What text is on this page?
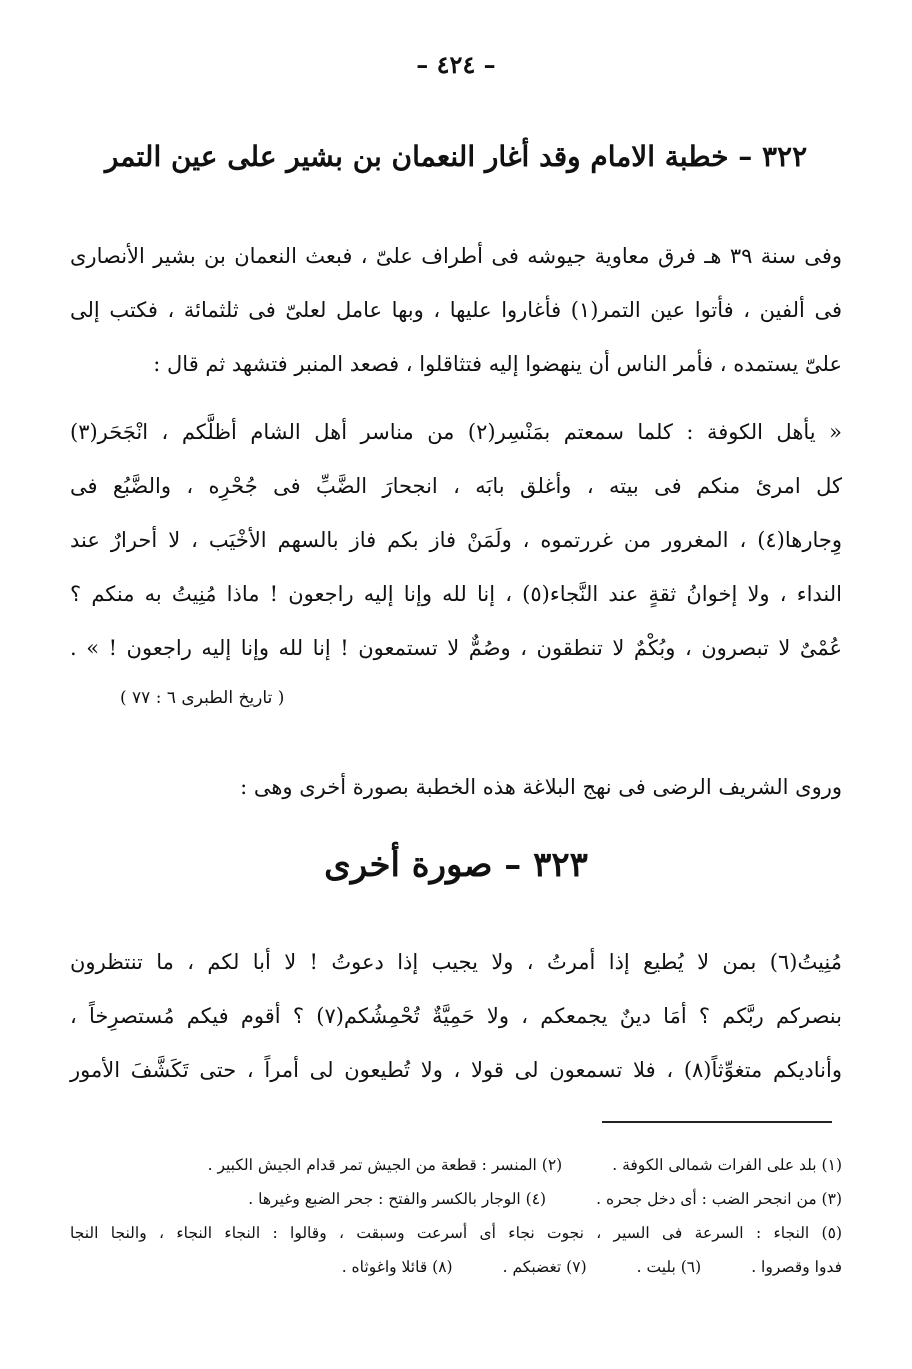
– ٤٢٤ –
٣٢٢ – خطبة الامام وقد أغار النعمان بن بشير على عين التمر
وفى سنة ٣٩ هـ فرق معاوية جيوشه فى أطراف علىّ ، فبعث النعمان بن بشير الأنصارى
فى ألفين ، فأتوا عين التمر(١) فأغاروا عليها ، وبها عامل لعلىّ فى ثلثمائة ، فكتب إلى
علىّ يستمده ، فأمر الناس أن ينهضوا إليه فتثاقلوا ، فصعد المنبر فتشهد ثم قال :
« يأهل الكوفة : كلما سمعتم بمَنْسِر(٢) من مناسر أهل الشام أظلَّكم ، انْجَحَر(٣)
كل امرئ منكم فى بيته ، وأغلق بابَه ، انجحارَ الضَّبِّ فى جُحْرِه ، والضَّبُع فى
وِجارها(٤) ، المغرور من غررتموه ، ولَمَنْ فاز بكم فاز بالسهم الأخْيَب ، لا أحرارٌ عند
النداء ، ولا إخوانُ ثقةٍ عند النَّجاء(٥) ، إنا لله وإنا إليه راجعون ! ماذا مُنِيتُ به منكم ؟
عُمْىٌ لا تبصرون ، وبُكْمٌ لا تنطقون ، وصُمٌّ لا تستمعون ! إنا لله وإنا إليه راجعون ! » .
( تاريخ الطبرى ٦ : ٧٧ )
وروى الشريف الرضى فى نهج البلاغة هذه الخطبة بصورة أخرى وهى :
٣٢٣ – صورة أخرى
مُنِيتُ(٦) بمن لا يُطيع إذا أمرتُ ، ولا يجيب إذا دعوتُ ! لا أبا لكم ، ما تنتظرون
بنصركم ربَّكم ؟ أمَا دينٌ يجمعكم ، ولا حَمِيَّةٌ تُحْمِشُكم(٧) ؟ أقوم فيكم مُستصرِخاً ،
وأناديكم متغوِّثاً(٨) ، فلا تسمعون لى قولا ، ولا تُطيعون لى أمراً ، حتى تَكَشَّفَ الأمور
(١) بلد على الفرات شمالى الكوفة .(٢) المنسر : قطعة من الجيش تمر قدام الجيش الكبير .
(٣) من انجحر الضب : أى دخل جحره .(٤) الوجار بالكسر والفتح : جحر الضبع وغيرها .
(٥) النجاء : السرعة فى السير ، نجوت نجاء أى أسرعت وسبقت ، وقالوا : النجاء النجاء ، والنجا النجا
فدوا وقصروا .(٦) بليت .(٧) تغضبكم .(٨) قائلا واغوثاه .
